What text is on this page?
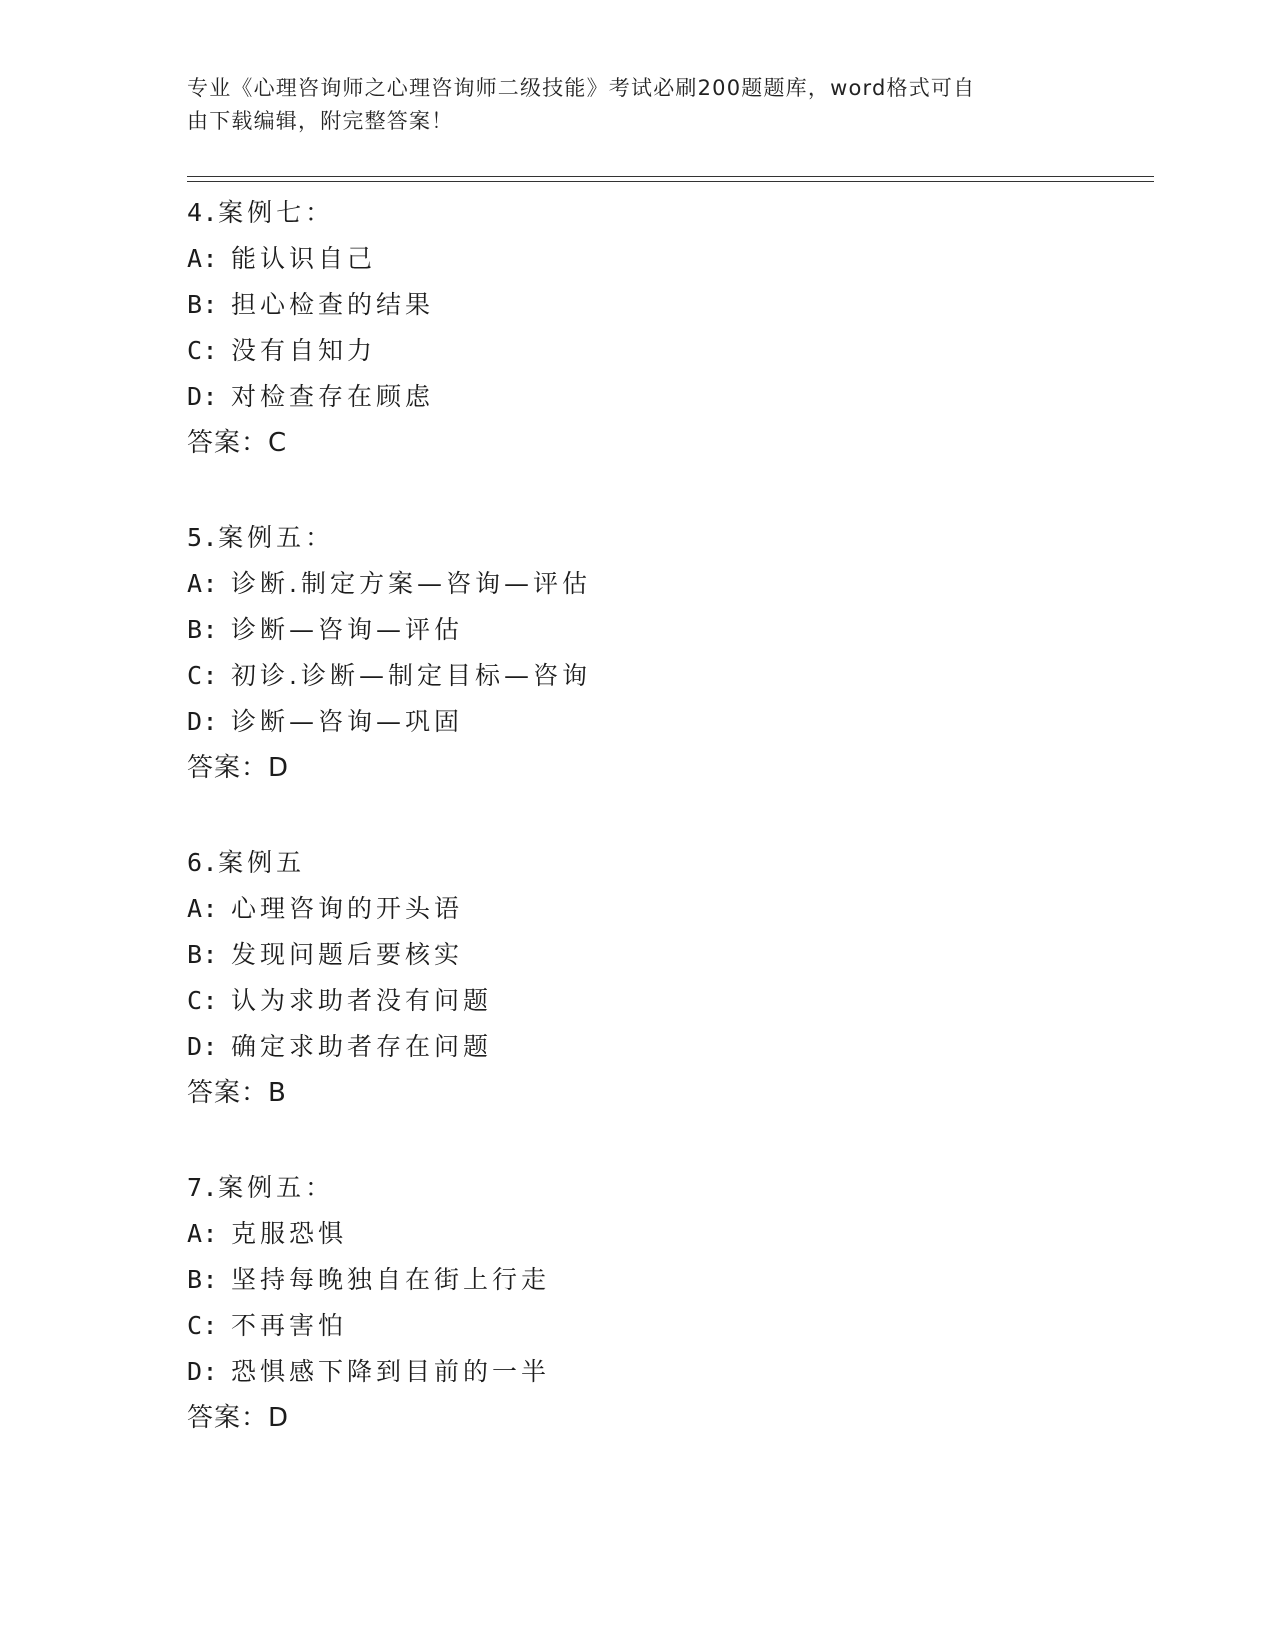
专业《心理咨询师之心理咨询师二级技能》考试必刷200题题库，word格式可自
由下载编辑，附完整答案！
4.案例七：
A: 能认识自己
B: 担心检查的结果
C: 没有自知力
D: 对检查存在顾虑
答案：C
5.案例五：
A: 诊断.制定方案—咨询—评估
B: 诊断—咨询—评估
C: 初诊.诊断—制定目标—咨询
D: 诊断—咨询—巩固
答案：D
6.案例五
A: 心理咨询的开头语
B: 发现问题后要核实
C: 认为求助者没有问题
D: 确定求助者存在问题
答案：B
7.案例五：
A: 克服恐惧
B: 坚持每晚独自在街上行走
C: 不再害怕
D: 恐惧感下降到目前的一半
答案：D
